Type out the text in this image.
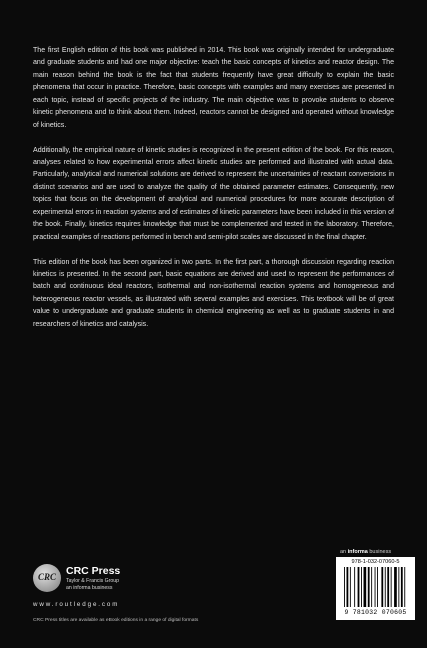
The first English edition of this book was published in 2014. This book was originally intended for undergraduate and graduate students and had one major objective: teach the basic concepts of kinetics and reactor design. The main reason behind the book is the fact that students frequently have great difficulty to explain the basic phenomena that occur in practice. Therefore, basic concepts with examples and many exercises are presented in each topic, instead of specific projects of the industry. The main objective was to provoke students to observe kinetic phenomena and to think about them. Indeed, reactors cannot be designed and operated without knowledge of kinetics.

Additionally, the empirical nature of kinetic studies is recognized in the present edition of the book. For this reason, analyses related to how experimental errors affect kinetic studies are performed and illustrated with actual data. Particularly, analytical and numerical solutions are derived to represent the uncertainties of reactant conversions in distinct scenarios and are used to analyze the quality of the obtained parameter estimates. Consequently, new topics that focus on the development of analytical and numerical procedures for more accurate description of experimental errors in reaction systems and of estimates of kinetic parameters have been included in this version of the book. Finally, kinetics requires knowledge that must be complemented and tested in the laboratory. Therefore, practical examples of reactions performed in bench and semi-pilot scales are discussed in the final chapter.

This edition of the book has been organized in two parts. In the first part, a thorough discussion regarding reaction kinetics is presented. In the second part, basic equations are derived and used to represent the performances of batch and continuous ideal reactors, isothermal and non-isothermal reaction systems and homogeneous and heterogeneous reactor vessels, as illustrated with several examples and exercises. This textbook will be of great value to undergraduate and graduate students in chemical engineering as well as to graduate students in and researchers of kinetics and catalysis.

an informa business
CRC CRC Press
Taylor & Francis Group
an informa business
www.routledge.com
CRC Press titles are available as eBook editions in a range of digital formats
978-1-032-07060-5
9 781032 070605
